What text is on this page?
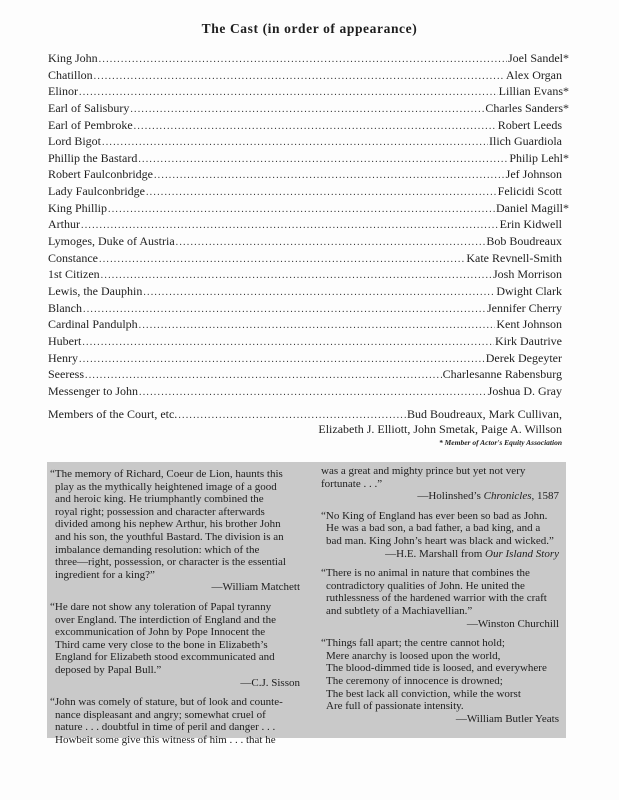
The Cast (in order of appearance)
King John .....	Joel Sandel*
Chatillon .....	Alex Organ
Elinor .....	Lillian Evans*
Earl of Salisbury .....	Charles Sanders*
Earl of Pembroke .....	Robert Leeds
Lord Bigot .....	Ilich Guardiola
Phillip the Bastard .....	Philip Lehl*
Robert Faulconbridge .....	Jef Johnson
Lady Faulconbridge .....	Felicidi Scott
King Phillip .....	Daniel Magill*
Arthur .....	Erin Kidwell
Lymoges, Duke of Austria .....	Bob Boudreaux
Constance .....	Kate Revnell-Smith
1st Citizen .....	Josh Morrison
Lewis, the Dauphin .....	Dwight Clark
Blanch .....	Jennifer Cherry
Cardinal Pandulph .....	Kent Johnson
Hubert .....	Kirk Dautrive
Henry .....	Derek Degeyter
Seeress .....	Charlesanne Rabensburg
Messenger to John .....	Joshua D. Gray
Members of the Court, etc. .....	Bud Boudreaux, Mark Cullivan,
Elizabeth J. Elliott, John Smetak, Paige A. Willson
* Member of Actor's Equity Association
“The memory of Richard, Coeur de Lion, haunts this
play as the mythically heightened image of a good
and heroic king. He triumphantly combined the
royal right; possession and character afterwards
divided among his nephew Arthur, his brother John
and his son, the youthful Bastard. The division is an
imbalance demanding resolution: which of the
three—right, possession, or character is the essential
ingredient for a king?”
—William Matchett
“He dare not show any toleration of Papal tyranny
over England. The interdiction of England and the
excommunication of John by Pope Innocent the
Third came very close to the bone in Elizabeth’s
England for Elizabeth stood excommunicated and
deposed by Papal Bull.”
—C.J. Sisson
“John was comely of stature, but of look and counte-
nance displeasant and angry; somewhat cruel of
nature . . . doubtful in time of peril and danger . . .
Howbeit some give this witness of him . . . that he
was a great and mighty prince but yet not very
fortunate . . .”
—Holinshed’s Chronicles, 1587
“No King of England has ever been so bad as John.
He was a bad son, a bad father, a bad king, and a
bad man. King John’s heart was black and wicked.”
—H.E. Marshall from Our Island Story
“There is no animal in nature that combines the
contradictory qualities of John. He united the
ruthlessness of the hardened warrior with the craft
and subtlety of a Machiavellian.”
—Winston Churchill
“Things fall apart; the centre cannot hold;
Mere anarchy is loosed upon the world,
The blood-dimmed tide is loosed, and everywhere
The ceremony of innocence is drowned;
The best lack all conviction, while the worst
Are full of passionate intensity.
—William Butler Yeats
